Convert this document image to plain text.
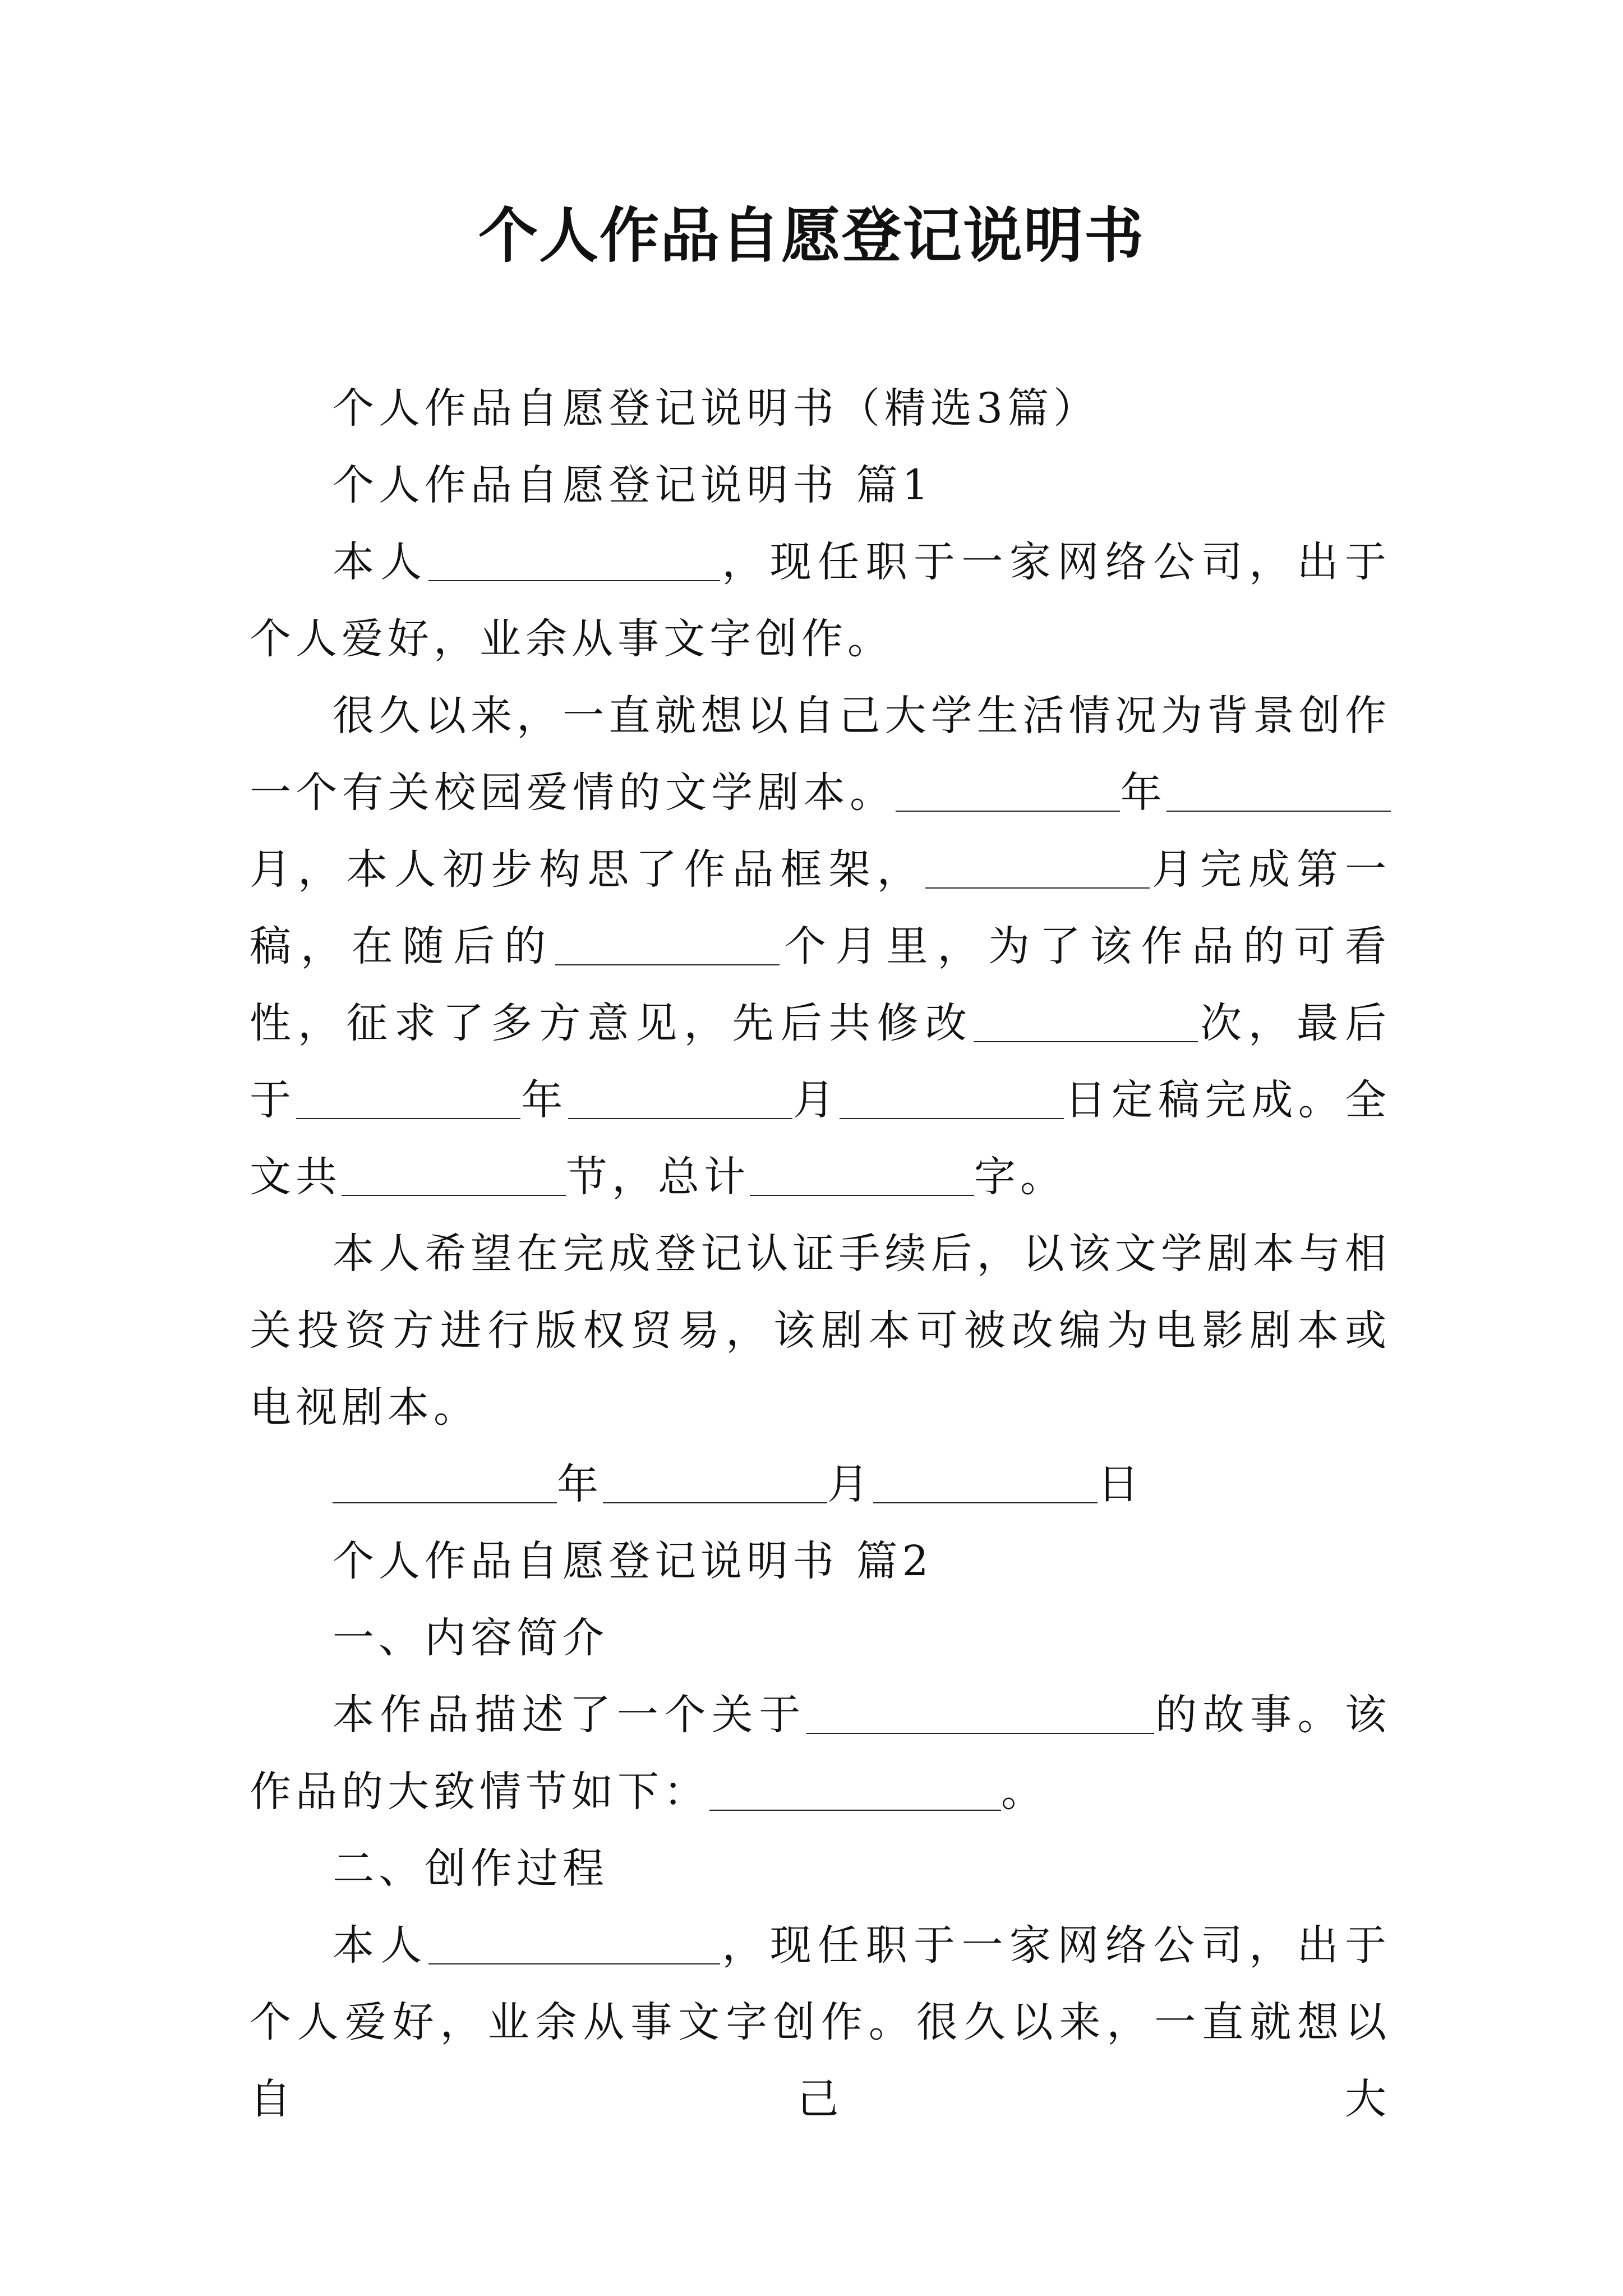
个人作品自愿登记说明书

个人作品自愿登记说明书（精选3篇）

个人作品自愿登记说明书 篇1

本人	，现任职于一家网络公司，出于个人爱好，业余从事文字创作。

很久以来，一直就想以自己大学生活情况为背景创作一个有关校园爱情的文学剧本。	年月，本人初步构思了作品框架，	月完成第一稿，在随后的	个月里，为了该作品的可看性，征求了多方意见，先后共修改	次，最后于	年	月	日定稿完成。全文共	节，总计	字。

本人希望在完成登记认证手续后，以该文学剧本与相关投资方进行版权贸易，该剧本可被改编为电影剧本或电视剧本。

年	月	日

个人作品自愿登记说明书 篇2

一、内容简介

本作品描述了一个关于	的故事。该作品的大致情节如下：	。

二、创作过程

本人	，现任职于一家网络公司，出于个人爱好，业余从事文字创作。很久以来，一直就想以自己大
